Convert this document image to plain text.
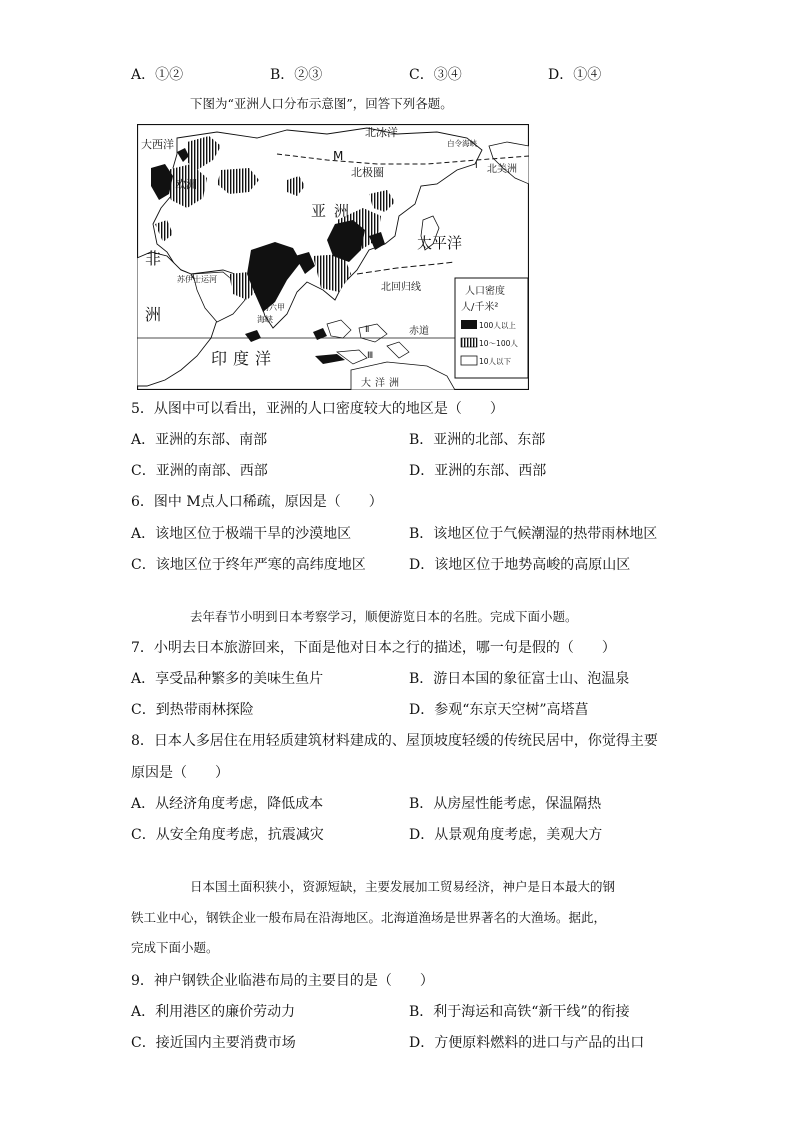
A．①②	B．②③	C．③④	D．①④
下图为“亚洲人口分布示意图”，回答下列各题。
人口密度
人/千米²
100人以上
10～100人
10人以下
大西洋
北冰洋
白令海峡
北美洲
M
Ⅰ
欧洲
北极圈
亚洲
太平洋
非
洲
苏伊士运河
北回归线
马六甲
海峡
Ⅱ	赤道
Ⅲ
印度洋
大洋洲
5．从图中可以看出，亚洲的人口密度较大的地区是（　　）
A．亚洲的东部、南部	B．亚洲的北部、东部
C．亚洲的南部、西部	D．亚洲的东部、西部
6．图中 M点人口稀疏，原因是（　　）
A．该地区位于极端干旱的沙漠地区	B．该地区位于气候潮湿的热带雨林地区
C．该地区位于终年严寒的高纬度地区	D．该地区位于地势高峻的高原山区
去年春节小明到日本考察学习，顺便游览日本的名胜。完成下面小题。
7．小明去日本旅游回来，下面是他对日本之行的描述，哪一句是假的（　　）
A．享受品种繁多的美味生鱼片	B．游日本国的象征富士山、泡温泉
C．到热带雨林探险	D．参观“东京天空树”高塔菖
8．日本人多居住在用轻质建筑材料建成的、屋顶坡度轻缓的传统民居中，你觉得主要
原因是（　　）
A．从经济角度考虑，降低成本	B．从房屋性能考虑，保温隔热
C．从安全角度考虑，抗震减灾	D．从景观角度考虑，美观大方
日本国土面积狭小，资源短缺，主要发展加工贸易经济，神户是日本最大的钢
铁工业中心，钢铁企业一般布局在沿海地区。北海道渔场是世界著名的大渔场。据此，
完成下面小题。
9．神户钢铁企业临港布局的主要目的是（　　）
A．利用港区的廉价劳动力	B．利于海运和高铁“新干线”的衔接
C．接近国内主要消费市场	D．方便原料燃料的进口与产品的出口
